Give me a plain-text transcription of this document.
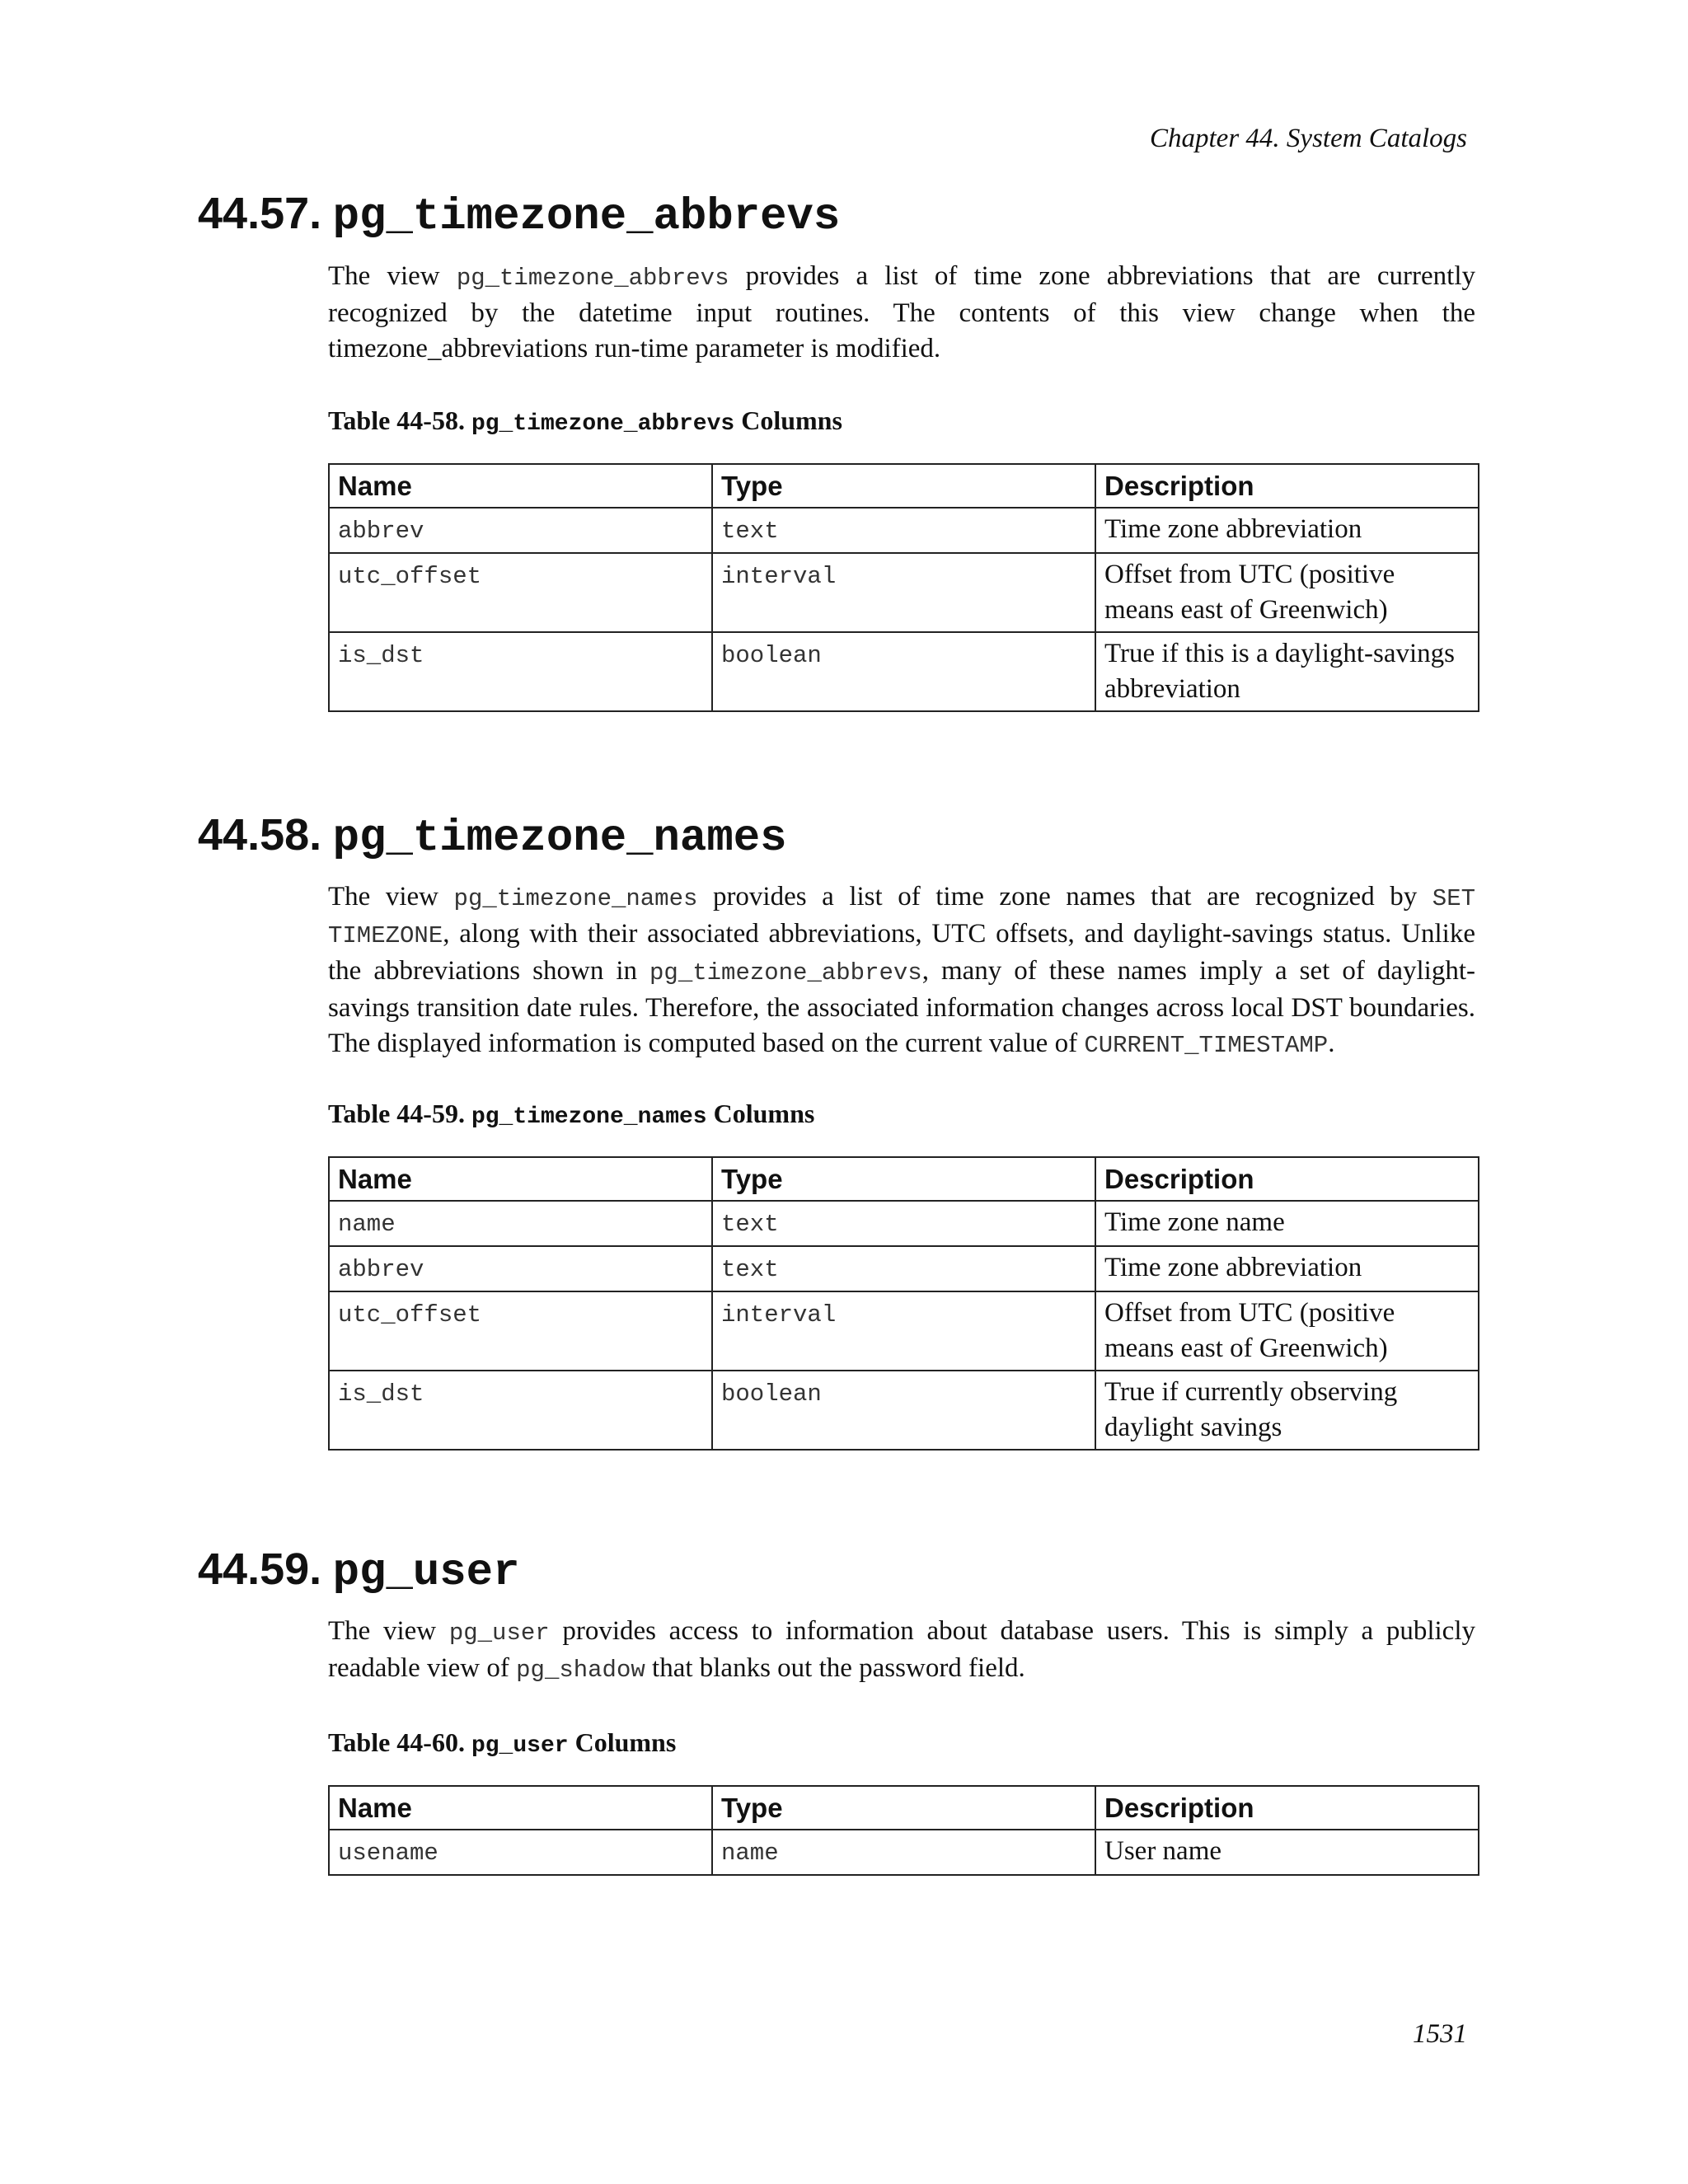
Chapter 44. System Catalogs
44.57. pg_timezone_abbrevs

The view pg_timezone_abbrevs provides a list of time zone abbreviations that are currently recognized by the datetime input routines. The contents of this view change when the timezone_abbreviations run-time parameter is modified.

Table 44-58. pg_timezone_abbrevs Columns
Name	Type	Description
abbrev	text	Time zone abbreviation
utc_offset	interval	Offset from UTC (positive means east of Greenwich)
is_dst	boolean	True if this is a daylight-savings abbreviation
44.58. pg_timezone_names

The view pg_timezone_names provides a list of time zone names that are recognized by SET TIMEZONE, along with their associated abbreviations, UTC offsets, and daylight-savings status. Unlike the abbreviations shown in pg_timezone_abbrevs, many of these names imply a set of daylight-savings transition date rules. Therefore, the associated information changes across local DST boundaries. The displayed information is computed based on the current value of CURRENT_TIMESTAMP.

Table 44-59. pg_timezone_names Columns
Name	Type	Description
name	text	Time zone name
abbrev	text	Time zone abbreviation
utc_offset	interval	Offset from UTC (positive means east of Greenwich)
is_dst	boolean	True if currently observing daylight savings
44.59. pg_user

The view pg_user provides access to information about database users. This is simply a publicly readable view of pg_shadow that blanks out the password field.

Table 44-60. pg_user Columns
Name	Type	Description
usename	name	User name
1531
